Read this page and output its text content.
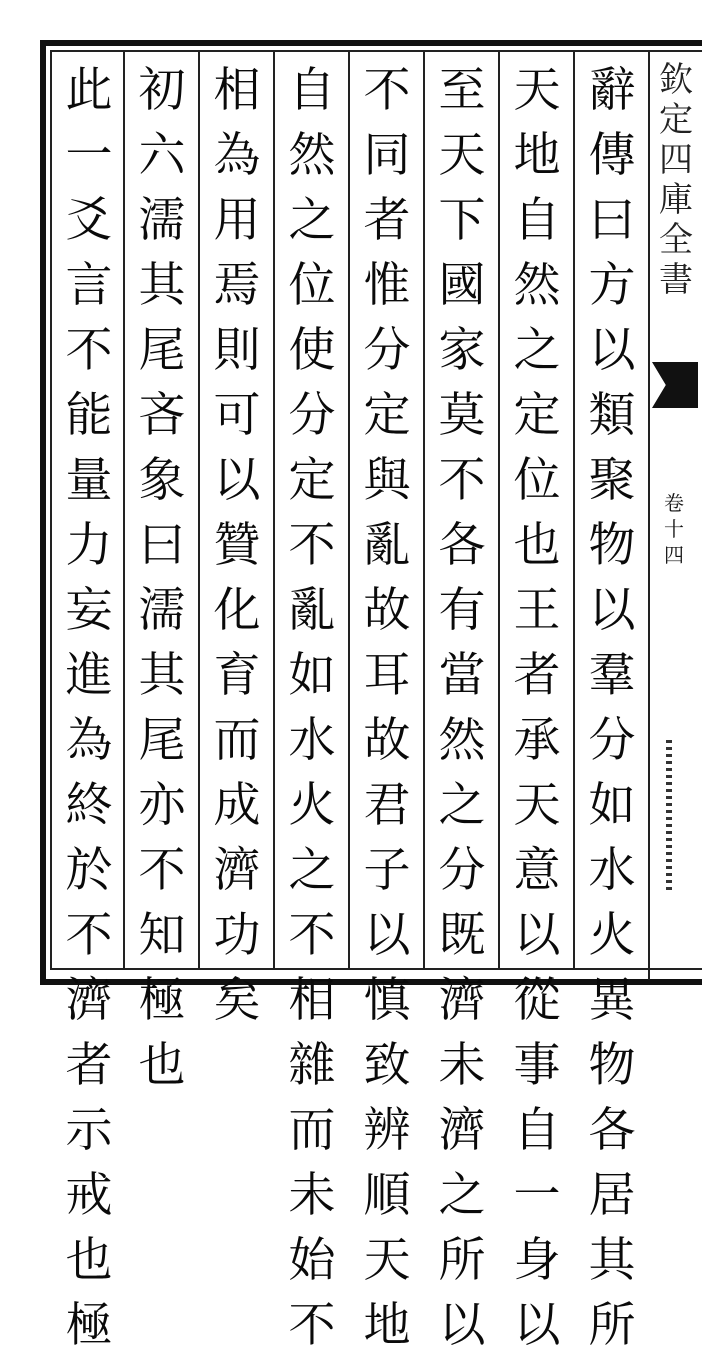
辭
傳
曰
方
以
類
聚
物
以
羣
分
如
水
火
異
物
各
居
其
所
天
地
自
然
之
定
位
也
王
者
承
天
意
以
從
事
自
一
身
以
至
天
下
國
家
莫
不
各
有
當
然
之
分
既
濟
未
濟
之
所
以
不
同
者
惟
分
定
與
亂
故
耳
故
君
子
以
慎
致
辨
順
天
地
自
然
之
位
使
分
定
不
亂
如
水
火
之
不
相
雜
而
未
始
不
相
為
用
焉
則
可
以
贊
化
育
而
成
濟
功
矣
初
六
濡
其
尾
吝
象
曰
濡
其
尾
亦
不
知
極
也
此
一
爻
言
不
能
量
力
妄
進
為
終
於
不
濟
者
示
戒
也
極
欽
定
四
庫
全
書
卷
十
四
